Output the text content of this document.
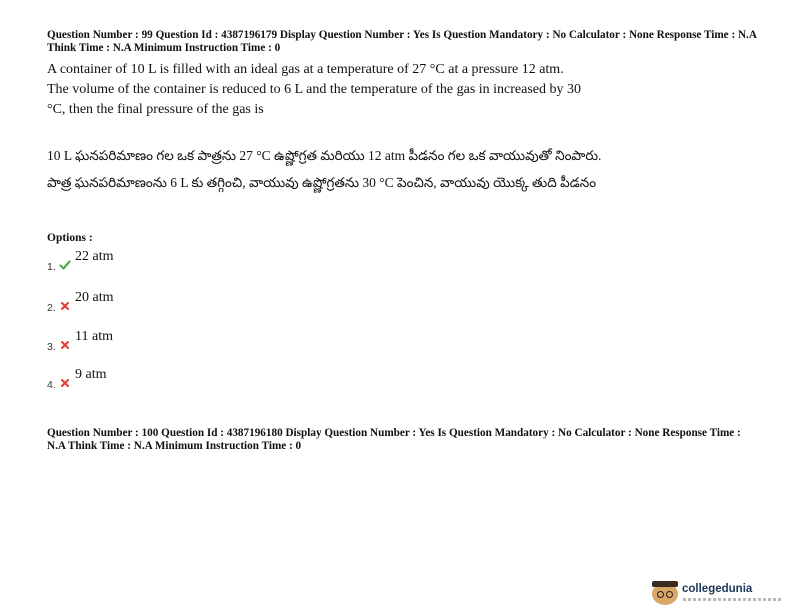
Question Number : 99 Question Id : 4387196179 Display Question Number : Yes Is Question Mandatory : No Calculator : None Response Time : N.A Think Time : N.A Minimum Instruction Time : 0
A container of 10 L is filled with an ideal gas at a temperature of 27 °C at a pressure 12 atm. The volume of the container is reduced to 6 L and the temperature of the gas in increased by 30 °C, then the final pressure of the gas is
10 L ఘనపరిమాణం గల ఒక పాత్రను 27 °C ఉష్ణోగ్రత మరియు 12 atm పీడనం గల ఒక వాయువుతో నింపారు. పాత్ర ఘనపరిమాణంను 6 L కు తగ్గించి, వాయువు ఉష్ణోగ్రతను 30 °C పెంచిన, వాయువు యొక్క తుది పీడనం
Options :
1.
22 atm
2.
20 atm
3.
11 atm
4.
9 atm
Question Number : 100 Question Id : 4387196180 Display Question Number : Yes Is Question Mandatory : No Calculator : None Response Time : N.A Think Time : N.A Minimum Instruction Time : 0
collegedunia
